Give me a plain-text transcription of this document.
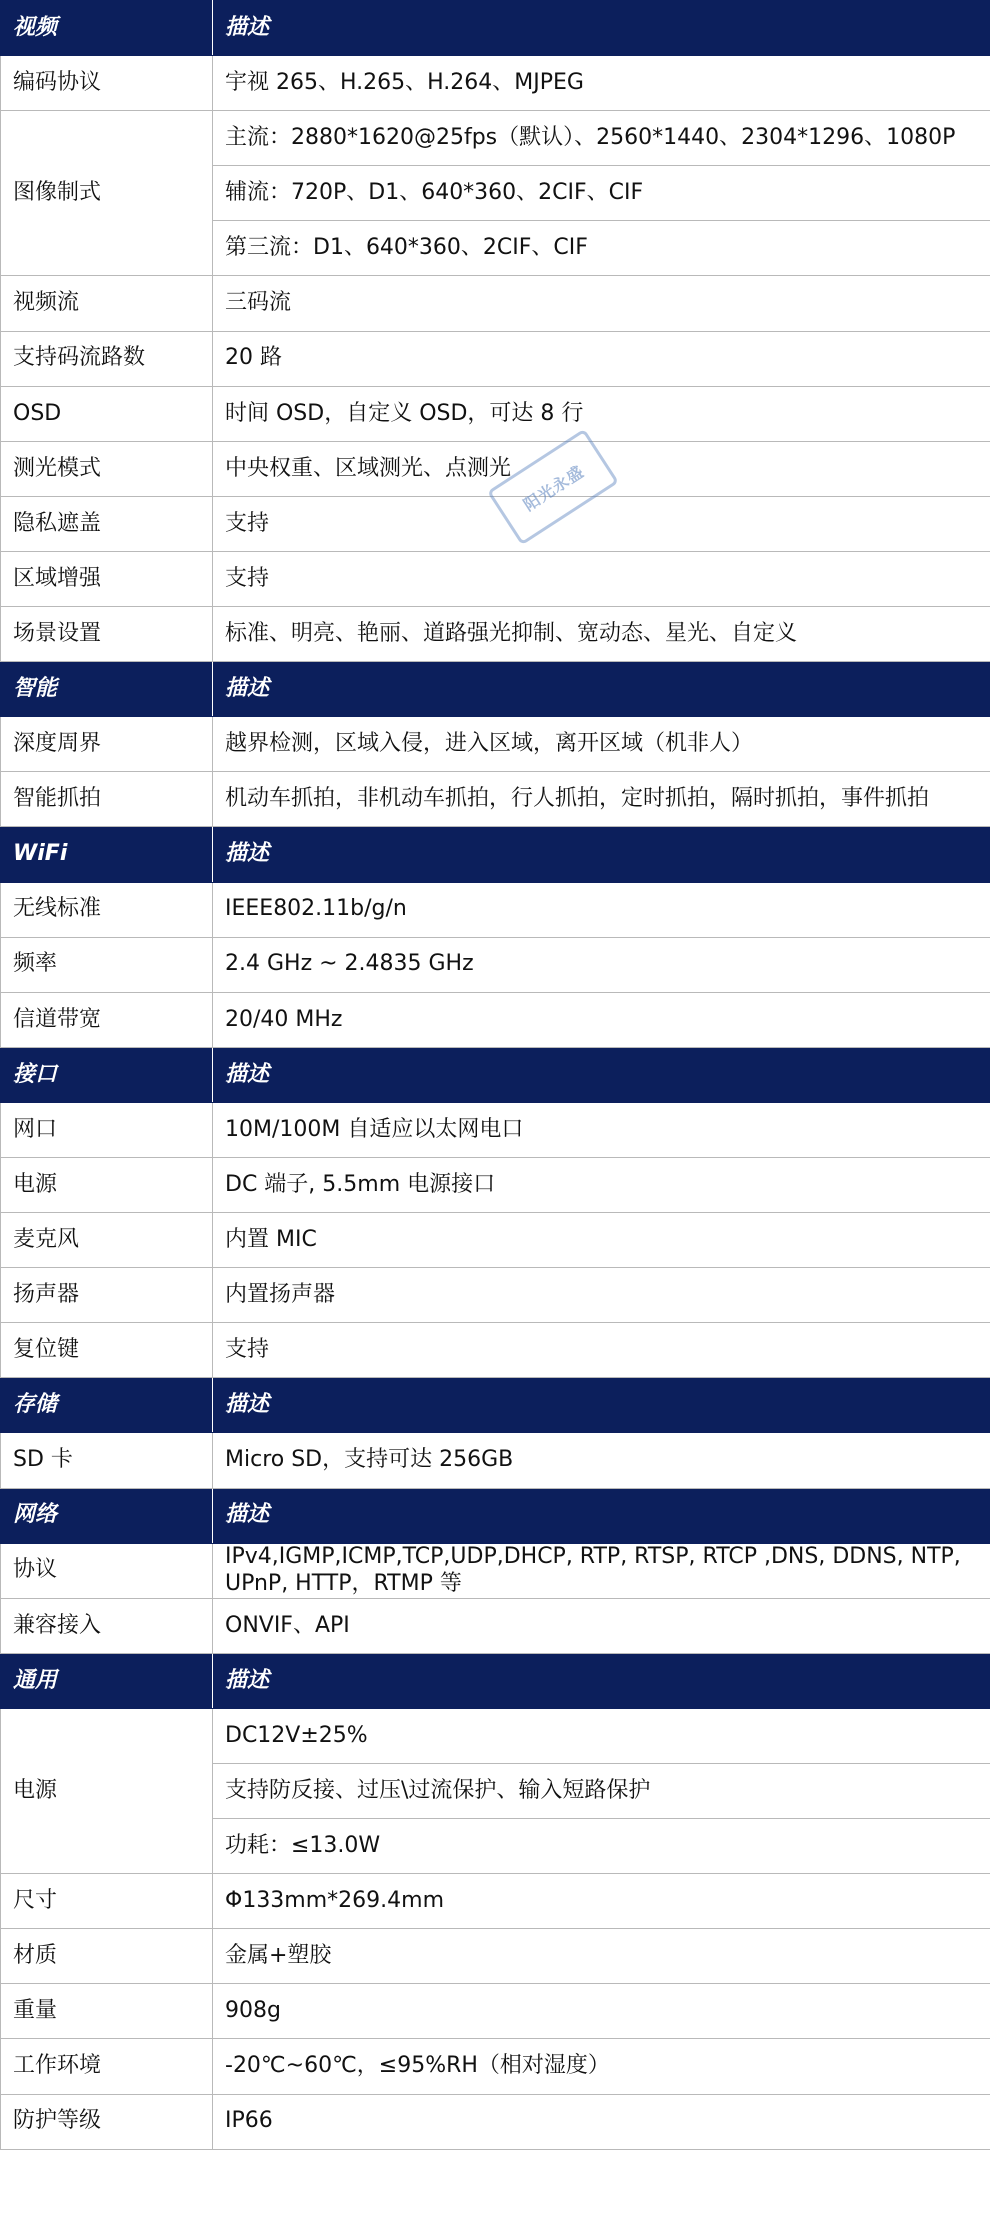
视频	描述
编码协议	宇视 265、H.265、H.264、MJPEG
图像制式	主流：2880*1620@25fps（默认）、2560*1440、2304*1296、1080P
	辅流：720P、D1、640*360、2CIF、CIF
	第三流：D1、640*360、2CIF、CIF
视频流	三码流
支持码流路数	20 路
OSD	时间 OSD，自定义 OSD，可达 8 行
测光模式	中央权重、区域测光、点测光
隐私遮盖	支持
区域增强	支持
场景设置	标准、明亮、艳丽、道路强光抑制、宽动态、星光、自定义
智能	描述
深度周界	越界检测，区域入侵，进入区域，离开区域（机非人）
智能抓拍	机动车抓拍，非机动车抓拍，行人抓拍，定时抓拍，隔时抓拍，事件抓拍
WiFi	描述
无线标准	IEEE802.11b/g/n
频率	2.4 GHz ~ 2.4835 GHz
信道带宽	20/40 MHz
接口	描述
网口	10M/100M 自适应以太网电口
电源	DC 端子, 5.5mm 电源接口
麦克风	内置 MIC
扬声器	内置扬声器
复位键	支持
存储	描述
SD 卡	Micro SD，支持可达 256GB
网络	描述
协议	IPv4,IGMP,ICMP,TCP,UDP,DHCP, RTP, RTSP, RTCP ,DNS, DDNS, NTP, UPnP, HTTP，RTMP 等
兼容接入	ONVIF、API
通用	描述
电源	DC12V±25%
	支持防反接、过压\过流保护、输入短路保护
	功耗：≤13.0W
尺寸	Φ133mm*269.4mm
材质	金属+塑胶
重量	908g
工作环境	-20℃~60℃，≤95%RH（相对湿度）
防护等级	IP66
阳光永盛
